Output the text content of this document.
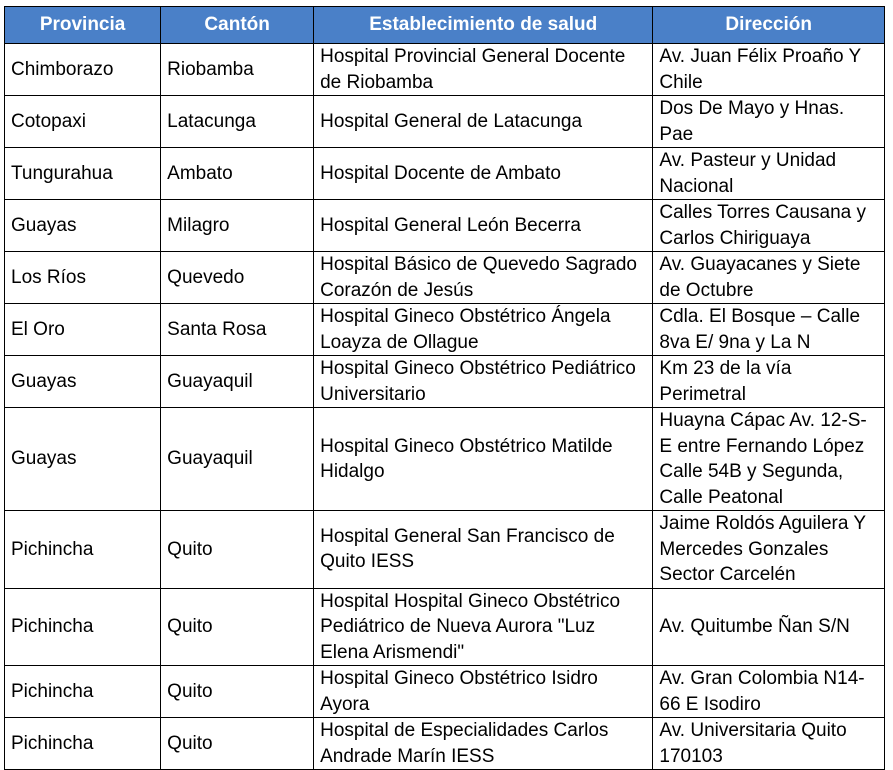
Provincia	Cantón	Establecimiento de salud	Dirección
Chimborazo	Riobamba	Hospital Provincial General Docente de Riobamba	Av. Juan Félix Proaño Y Chile
Cotopaxi	Latacunga	Hospital General de Latacunga	Dos De Mayo y Hnas. Pae
Tungurahua	Ambato	Hospital Docente de Ambato	Av. Pasteur y Unidad Nacional
Guayas	Milagro	Hospital General León Becerra	Calles Torres Causana y Carlos Chiriguaya
Los Ríos	Quevedo	Hospital Básico de Quevedo Sagrado Corazón de Jesús	Av. Guayacanes y Siete de Octubre
El Oro	Santa Rosa	Hospital Gineco Obstétrico Ángela Loayza de Ollague	Cdla. El Bosque – Calle 8va E/ 9na y La N
Guayas	Guayaquil	Hospital Gineco Obstétrico Pediátrico Universitario	Km 23 de la vía Perimetral
Guayas	Guayaquil	Hospital Gineco Obstétrico Matilde Hidalgo	Huayna Cápac Av. 12-S-E entre Fernando López Calle 54B y Segunda, Calle Peatonal
Pichincha	Quito	Hospital General San Francisco de Quito IESS	Jaime Roldós Aguilera Y Mercedes Gonzales Sector Carcelén
Pichincha	Quito	Hospital Hospital Gineco Obstétrico Pediátrico de Nueva Aurora "Luz Elena Arismendi"	Av. Quitumbe Ñan S/N
Pichincha	Quito	Hospital Gineco Obstétrico Isidro Ayora	Av. Gran Colombia N14-66 E Isodiro
Pichincha	Quito	Hospital de Especialidades Carlos Andrade Marín IESS	Av. Universitaria Quito 170103
